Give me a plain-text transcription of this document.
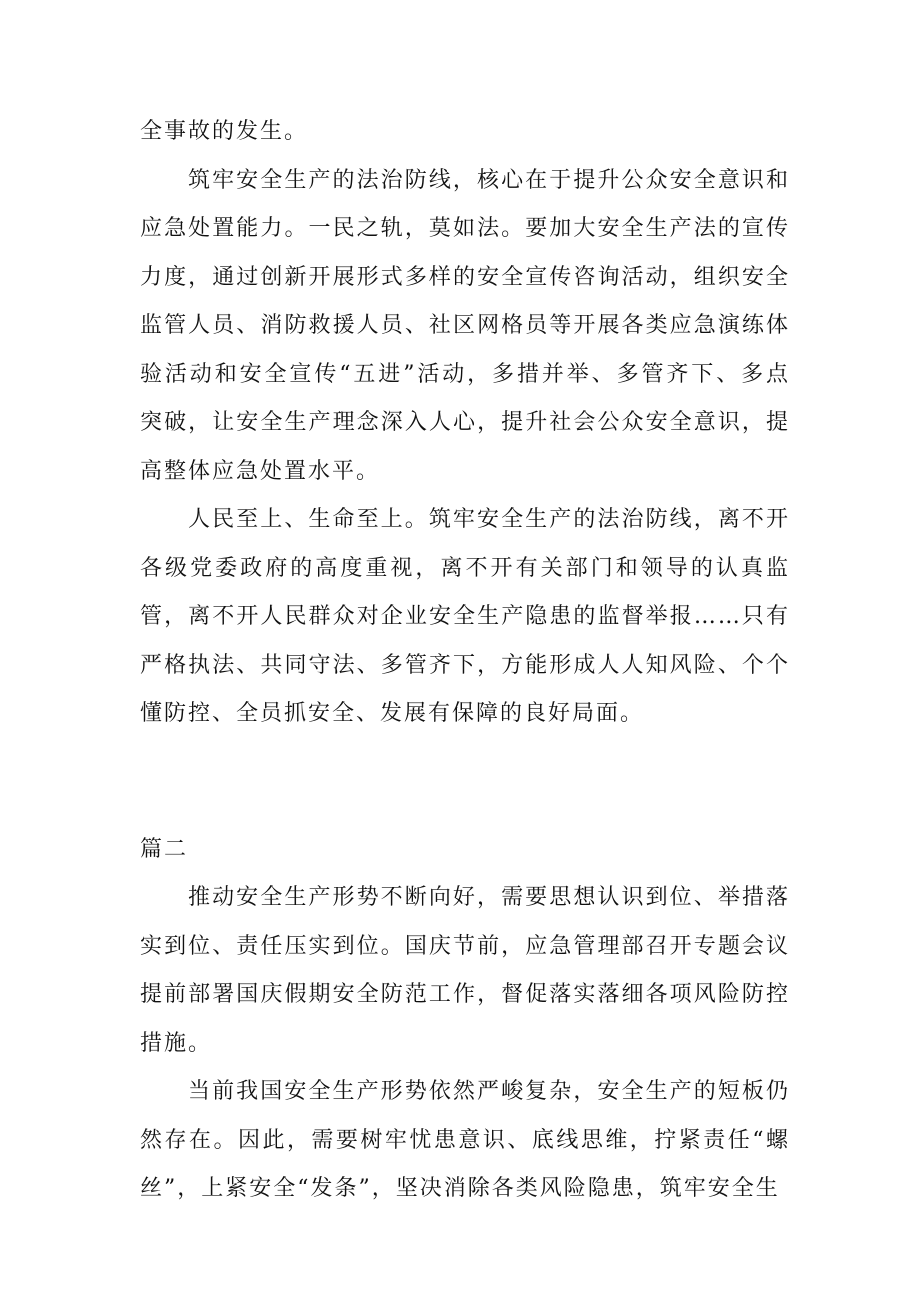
全事故的发生。

筑牢安全生产的法治防线，核心在于提升公众安全意识和应急处置能力。一民之轨，莫如法。要加大安全生产法的宣传力度，通过创新开展形式多样的安全宣传咨询活动，组织安全监管人员、消防救援人员、社区网格员等开展各类应急演练体验活动和安全宣传“五进”活动，多措并举、多管齐下、多点突破，让安全生产理念深入人心，提升社会公众安全意识，提高整体应急处置水平。

人民至上、生命至上。筑牢安全生产的法治防线，离不开各级党委政府的高度重视，离不开有关部门和领导的认真监管，离不开人民群众对企业安全生产隐患的监督举报……只有严格执法、共同守法、多管齐下，方能形成人人知风险、个个懂防控、全员抓安全、发展有保障的良好局面。

篇二

推动安全生产形势不断向好，需要思想认识到位、举措落实到位、责任压实到位。国庆节前，应急管理部召开专题会议提前部署国庆假期安全防范工作，督促落实落细各项风险防控措施。

当前我国安全生产形势依然严峻复杂，安全生产的短板仍然存在。因此，需要树牢忧患意识、底线思维，拧紧责任“螺丝”，上紧安全“发条”，坚决消除各类风险隐患，筑牢安全生
